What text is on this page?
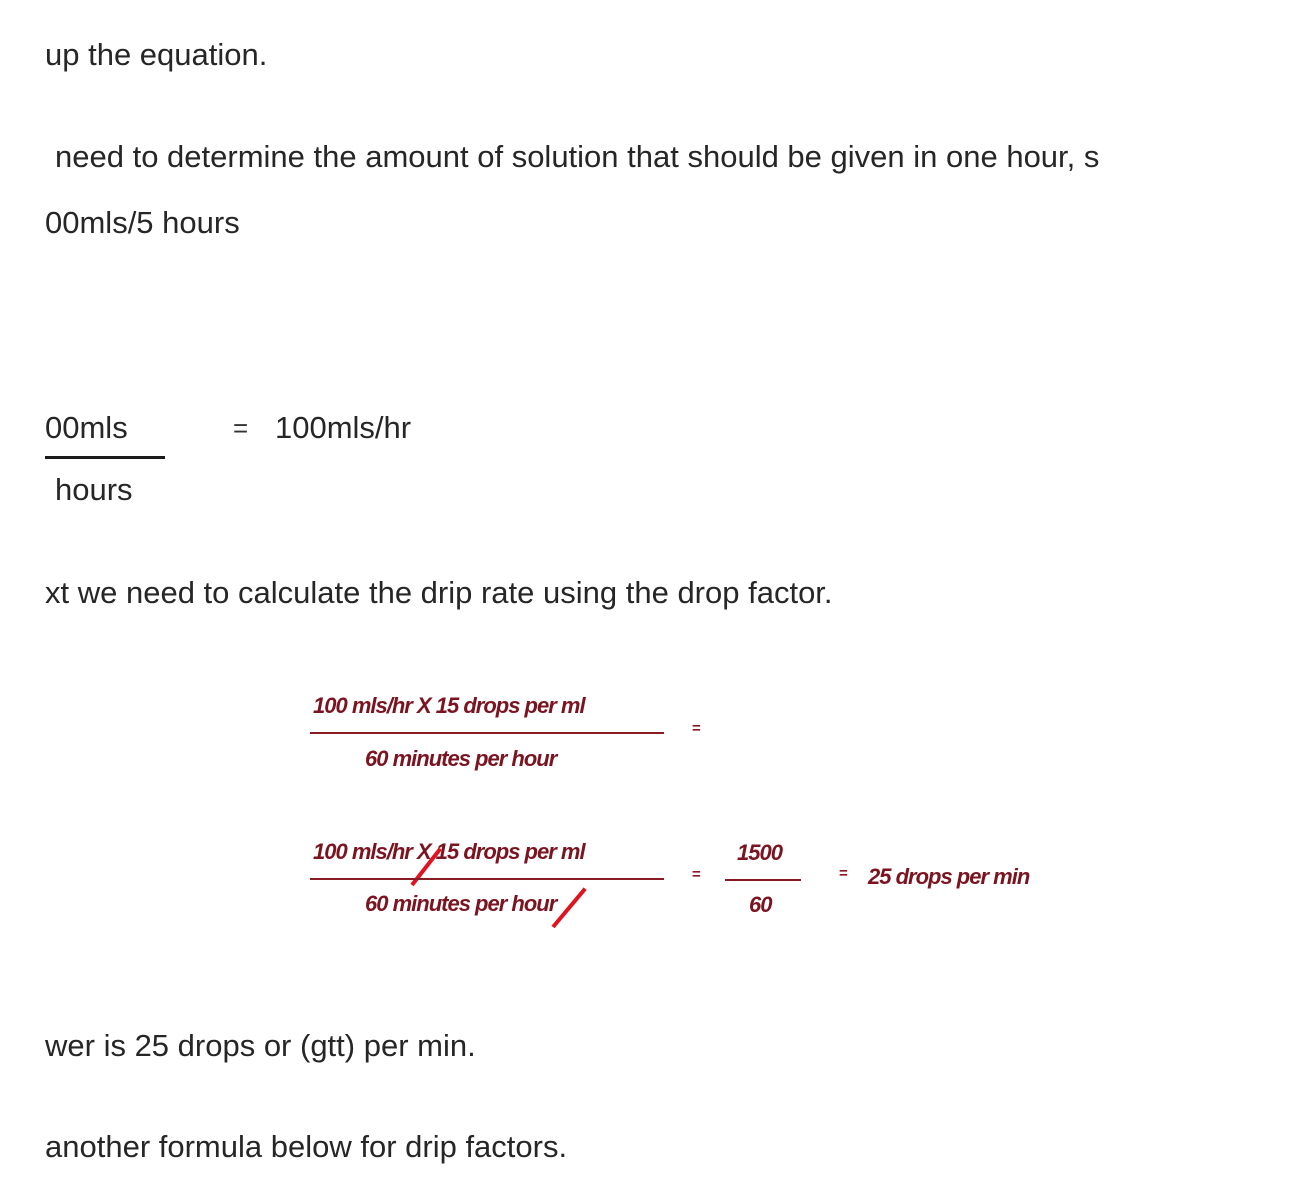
up the equation.
need to determine the amount of solution that should be given in one hour, s
00mls/5 hours
00mls
hours
= 100mls/hr
xt we need to calculate the drip rate using the drop factor.
100 mls/hr X 15 drops per ml
60 minutes per hour
=
100 mls/hr X 15 drops per ml
60 minutes per hour
=
1500
60
= 25 drops per min
wer is 25 drops or (gtt) per min.
another formula below for drip factors.
